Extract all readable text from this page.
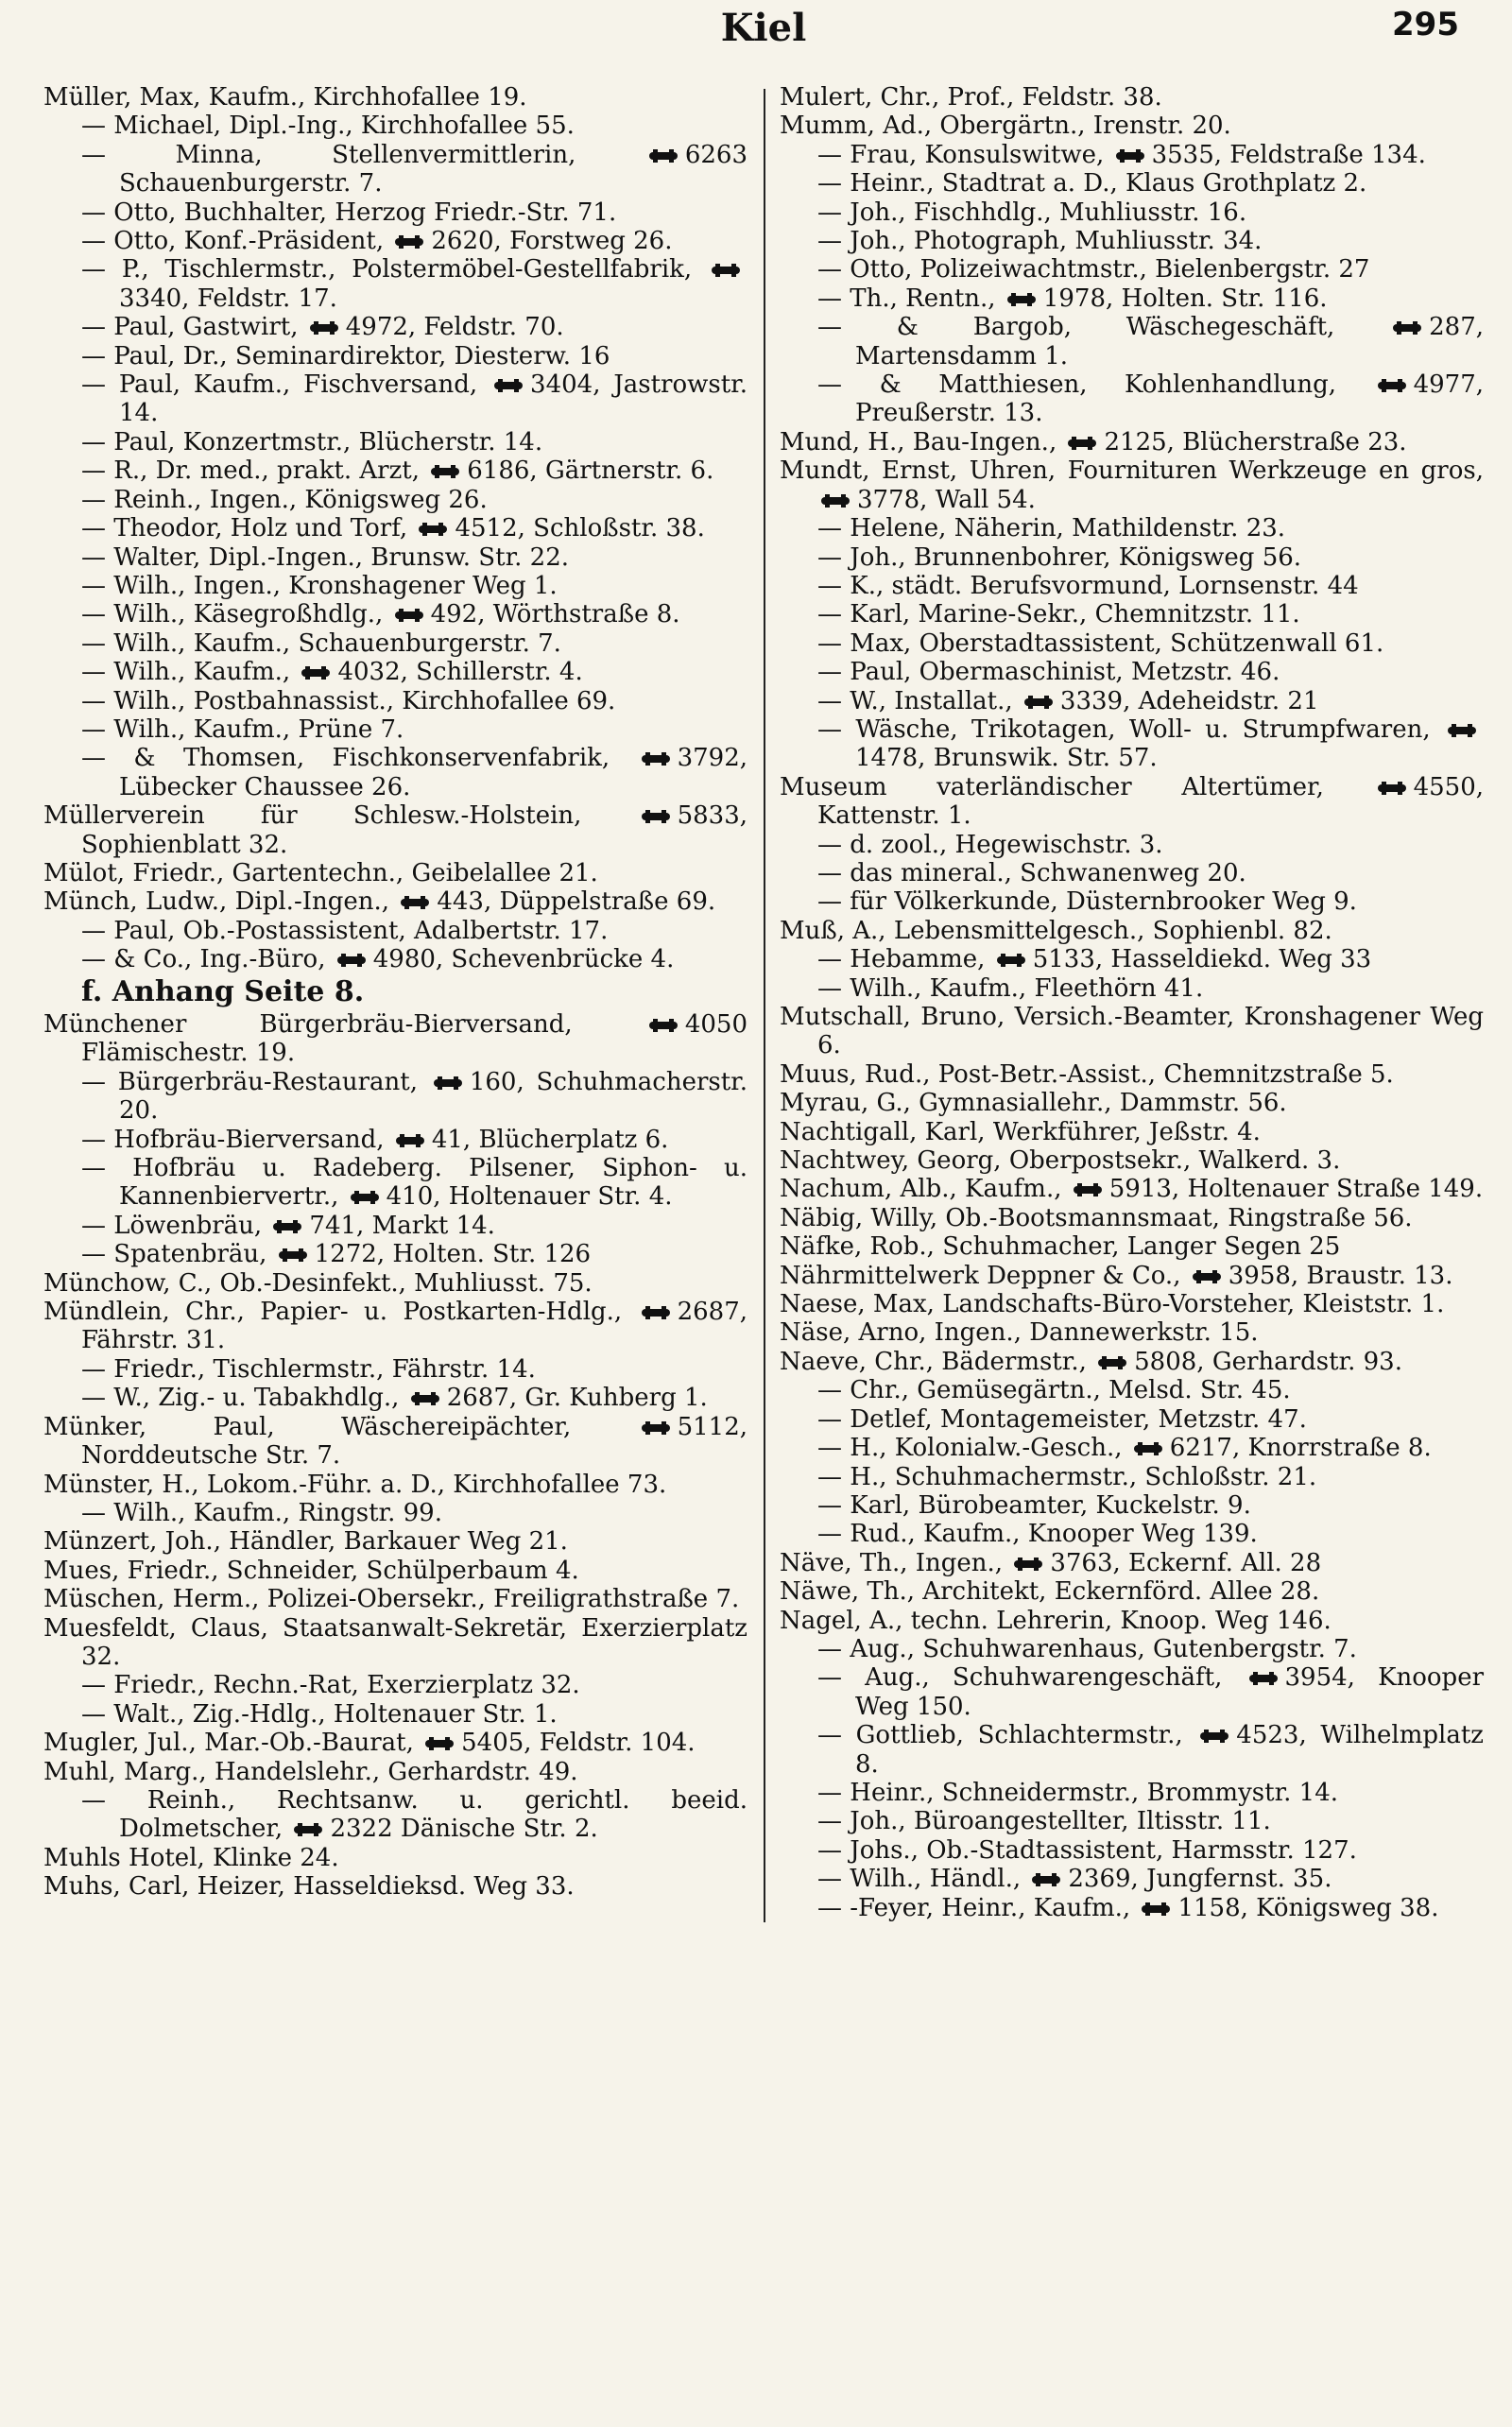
Kiel	295
Müller, Max, Kaufm., Kirchhofallee 19.
— Michael, Dipl.-Ing., Kirchhofallee 55.
— Minna, Stellenvermittlerin,	6263 Schauenburgerstr. 7.
— Otto, Buchhalter, Herzog Friedr.-Str. 71.
— Otto, Konf.-Präsident, 2620, Forstweg 26.
— P., Tischlermstr., Polstermöbel-Gestellfabrik, 3340, Feldstr. 17.
— Paul, Gastwirt, 4972, Feldstr. 70.
— Paul, Dr., Seminardirektor, Diesterw. 16
— Paul, Kaufm., Fischversand, 3404, Jastrowstr. 14.
— Paul, Konzertmstr., Blücherstr. 14.
— R., Dr. med., prakt. Arzt, 6186, Gärtnerstr. 6.
— Reinh., Ingen., Königsweg 26.
— Theodor, Holz und Torf, 4512, Schloßstr. 38.
— Walter, Dipl.-Ingen., Brunsw. Str. 22.
— Wilh., Ingen., Kronshagener Weg 1.
— Wilh., Käsegroßhdlg., 492, Wörthstraße 8.
— Wilh., Kaufm., Schauenburgerstr. 7.
— Wilh., Kaufm., 4032, Schillerstr. 4.
— Wilh., Postbahnassist., Kirchhofallee 69.
— Wilh., Kaufm., Prüne 7.
— & Thomsen, Fischkonservenfabrik,	3792, Lübecker Chaussee 26.
Müllerverein für Schlesw.-Holstein,	5833, Sophienblatt 32.
Mülot, Friedr., Gartentechn., Geibelallee 21.
Münch, Ludw., Dipl.-Ingen., 443, Düppelstraße 69.
— Paul, Ob.-Postassistent, Adalbertstr. 17.
— & Co., Ing.-Büro, 4980, Schevenbrücke 4.
f. Anhang Seite 8.
Münchener Bürgerbräu-Bierversand,	4050 Flämischestr. 19.
— Bürgerbräu-Restaurant, 160, Schuhmacherstr. 20.
— Hofbräu-Bierversand, 41, Blücherplatz 6.
— Hofbräu u. Radeberg. Pilsener, Siphon- u. Kannenbiervertr., 410, Holtenauer Str. 4.
— Löwenbräu, 741, Markt 14.
— Spatenbräu, 1272, Holten. Str. 126
Münchow, C., Ob.-Desinfekt., Muhliusst. 75.
Mündlein, Chr., Papier- u. Postkarten-Hdlg., 2687, Fährstr. 31.
— Friedr., Tischlermstr., Fährstr. 14.
— W., Zig.- u. Tabakhdlg., 2687, Gr. Kuhberg 1.
Münker, Paul, Wäschereipächter,	5112, Norddeutsche Str. 7.
Münster, H., Lokom.-Führ. a. D., Kirchhofallee 73.
— Wilh., Kaufm., Ringstr. 99.
Münzert, Joh., Händler, Barkauer Weg 21.
Mues, Friedr., Schneider, Schülperbaum 4.
Müschen, Herm., Polizei-Obersekr., Freiligrathstraße 7.
Muesfeldt, Claus, Staatsanwalt-Sekretär, Exerzierplatz 32.
— Friedr., Rechn.-Rat, Exerzierplatz 32.
— Walt., Zig.-Hdlg., Holtenauer Str. 1.
Mugler, Jul., Mar.-Ob.-Baurat, 5405, Feldstr. 104.
Muhl, Marg., Handelslehr., Gerhardstr. 49.
— Reinh., Rechtsanw. u. gerichtl. beeid. Dolmetscher, 2322 Dänische Str. 2.
Muhls Hotel, Klinke 24.
Muhs, Carl, Heizer, Hasseldieksd. Weg 33.
Mulert, Chr., Prof., Feldstr. 38.
Mumm, Ad., Obergärtn., Irenstr. 20.
— Frau, Konsulswitwe, 3535, Feldstraße 134.
— Heinr., Stadtrat a. D., Klaus Grothplatz 2.
— Joh., Fischhdlg., Muhliusstr. 16.
— Joh., Photograph, Muhliusstr. 34.
— Otto, Polizeiwachtmstr., Bielenbergstr. 27
— Th., Rentn., 1978, Holten. Str. 116.
— & Bargob, Wäschegeschäft,	287, Martensdamm 1.
— & Matthiesen, Kohlenhandlung,	4977, Preußerstr. 13.
Mund, H., Bau-Ingen., 2125, Blücherstraße 23.
Mundt, Ernst, Uhren, Fournituren Werkzeuge en gros, 3778, Wall 54.
— Helene, Näherin, Mathildenstr. 23.
— Joh., Brunnenbohrer, Königsweg 56.
— K., städt. Berufsvormund, Lornsenstr. 44
— Karl, Marine-Sekr., Chemnitzstr. 11.
— Max, Oberstadtassistent, Schützenwall 61.
— Paul, Obermaschinist, Metzstr. 46.
— W., Installat., 3339, Adeheidstr. 21
— Wäsche, Trikotagen, Woll- u. Strumpfwaren, 1478, Brunswik. Str. 57.
Museum vaterländischer Altertümer,	4550, Kattenstr. 1.
— d. zool., Hegewischstr. 3.
— das mineral., Schwanenweg 20.
— für Völkerkunde, Düsternbrooker Weg 9.
Muß, A., Lebensmittelgesch., Sophienbl. 82.
— Hebamme, 5133, Hasseldiekd. Weg 33
— Wilh., Kaufm., Fleethörn 41.
Mutschall, Bruno, Versich.-Beamter, Kronshagener Weg 6.
Muus, Rud., Post-Betr.-Assist., Chemnitzstraße 5.
Myrau, G., Gymnasiallehr., Dammstr. 56.
Nachtigall, Karl, Werkführer, Jeßstr. 4.
Nachtwey, Georg, Oberpostsekr., Walkerd. 3.
Nachum, Alb., Kaufm., 5913, Holtenauer Straße 149.
Näbig, Willy, Ob.-Bootsmannsmaat, Ringstraße 56.
Näfke, Rob., Schuhmacher, Langer Segen 25
Nährmittelwerk Deppner & Co., 3958, Braustr. 13.
Naese, Max, Landschafts-Büro-Vorsteher, Kleiststr. 1.
Näse, Arno, Ingen., Dannewerkstr. 15.
Naeve, Chr., Bädermstr., 5808, Gerhardstr. 93.
— Chr., Gemüsegärtn., Melsd. Str. 45.
— Detlef, Montagemeister, Metzstr. 47.
— H., Kolonialw.-Gesch., 6217, Knorrstraße 8.
— H., Schuhmachermstr., Schloßstr. 21.
— Karl, Bürobeamter, Kuckelstr. 9.
— Rud., Kaufm., Knooper Weg 139.
Näve, Th., Ingen., 3763, Eckernf. All. 28
Näwe, Th., Architekt, Eckernförd. Allee 28.
Nagel, A., techn. Lehrerin, Knoop. Weg 146.
— Aug., Schuhwarenhaus, Gutenbergstr. 7.
— Aug., Schuhwarengeschäft,	3954, Knooper Weg 150.
— Gottlieb, Schlachtermstr., 4523, Wilhelmplatz 8.
— Heinr., Schneidermstr., Brommystr. 14.
— Joh., Büroangestellter, Iltisstr. 11.
— Johs., Ob.-Stadtassistent, Harmsstr. 127.
— Wilh., Händl., 2369, Jungfernst. 35.
— -Feyer, Heinr., Kaufm., 1158, Königsweg 38.
